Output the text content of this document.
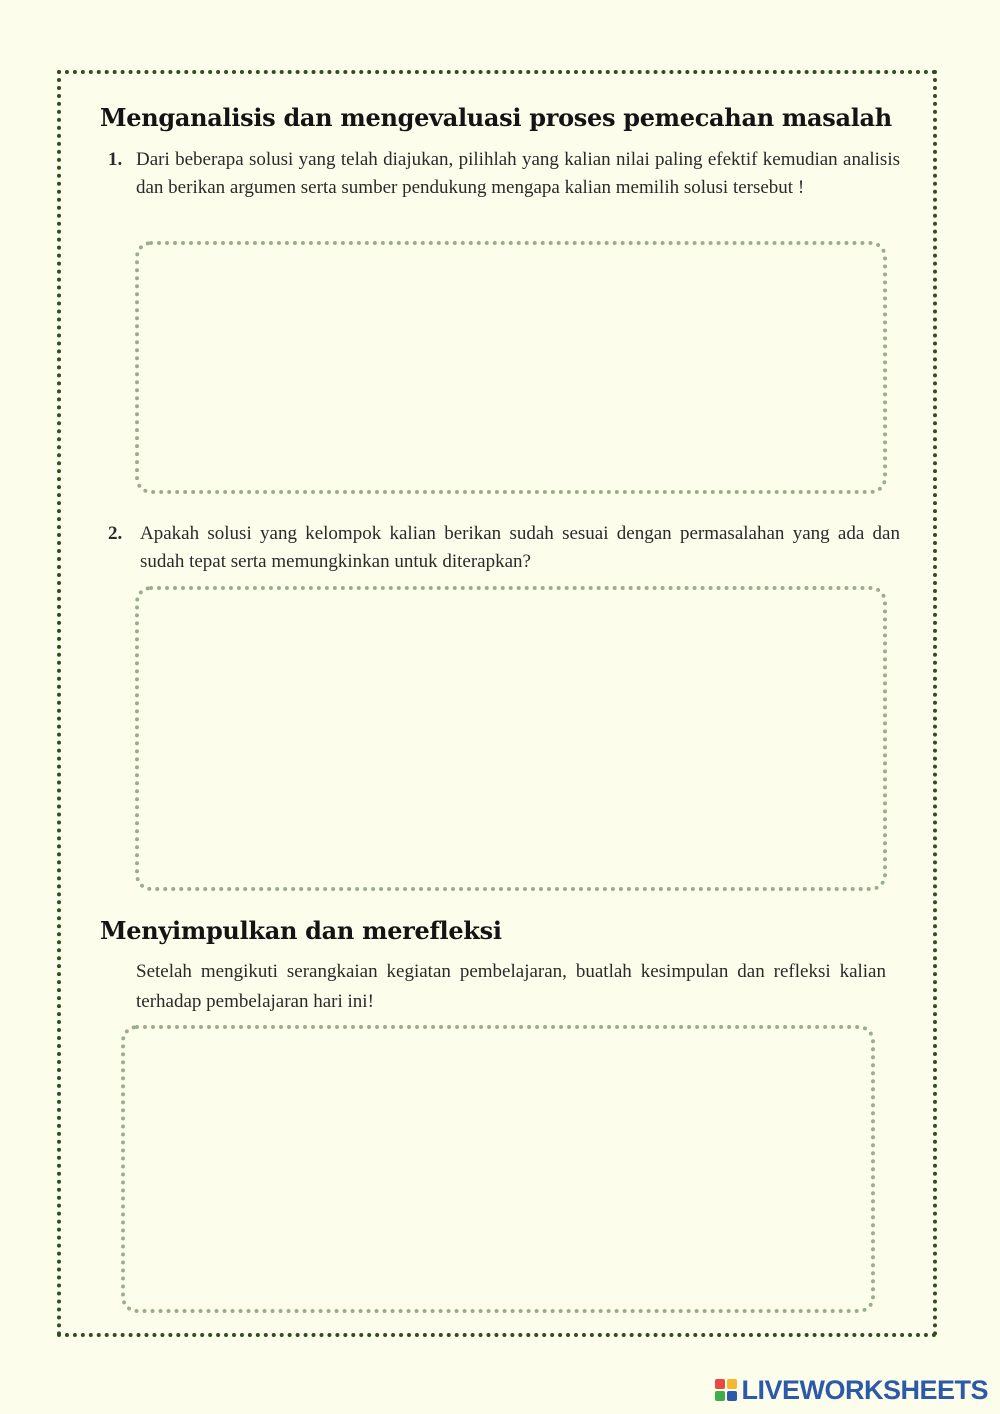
Menganalisis dan mengevaluasi proses pemecahan masalah
1. Dari beberapa solusi yang telah diajukan, pilihlah yang kalian nilai paling efektif kemudian analisis dan berikan argumen serta sumber pendukung mengapa kalian memilih solusi tersebut !
2. Apakah solusi yang kelompok kalian berikan sudah sesuai dengan permasalahan yang ada dan sudah tepat serta memungkinkan untuk diterapkan?
Menyimpulkan dan merefleksi
Setelah mengikuti serangkaian kegiatan pembelajaran, buatlah kesimpulan dan refleksi kalian terhadap pembelajaran hari ini!
LIVEWORKSHEETS
